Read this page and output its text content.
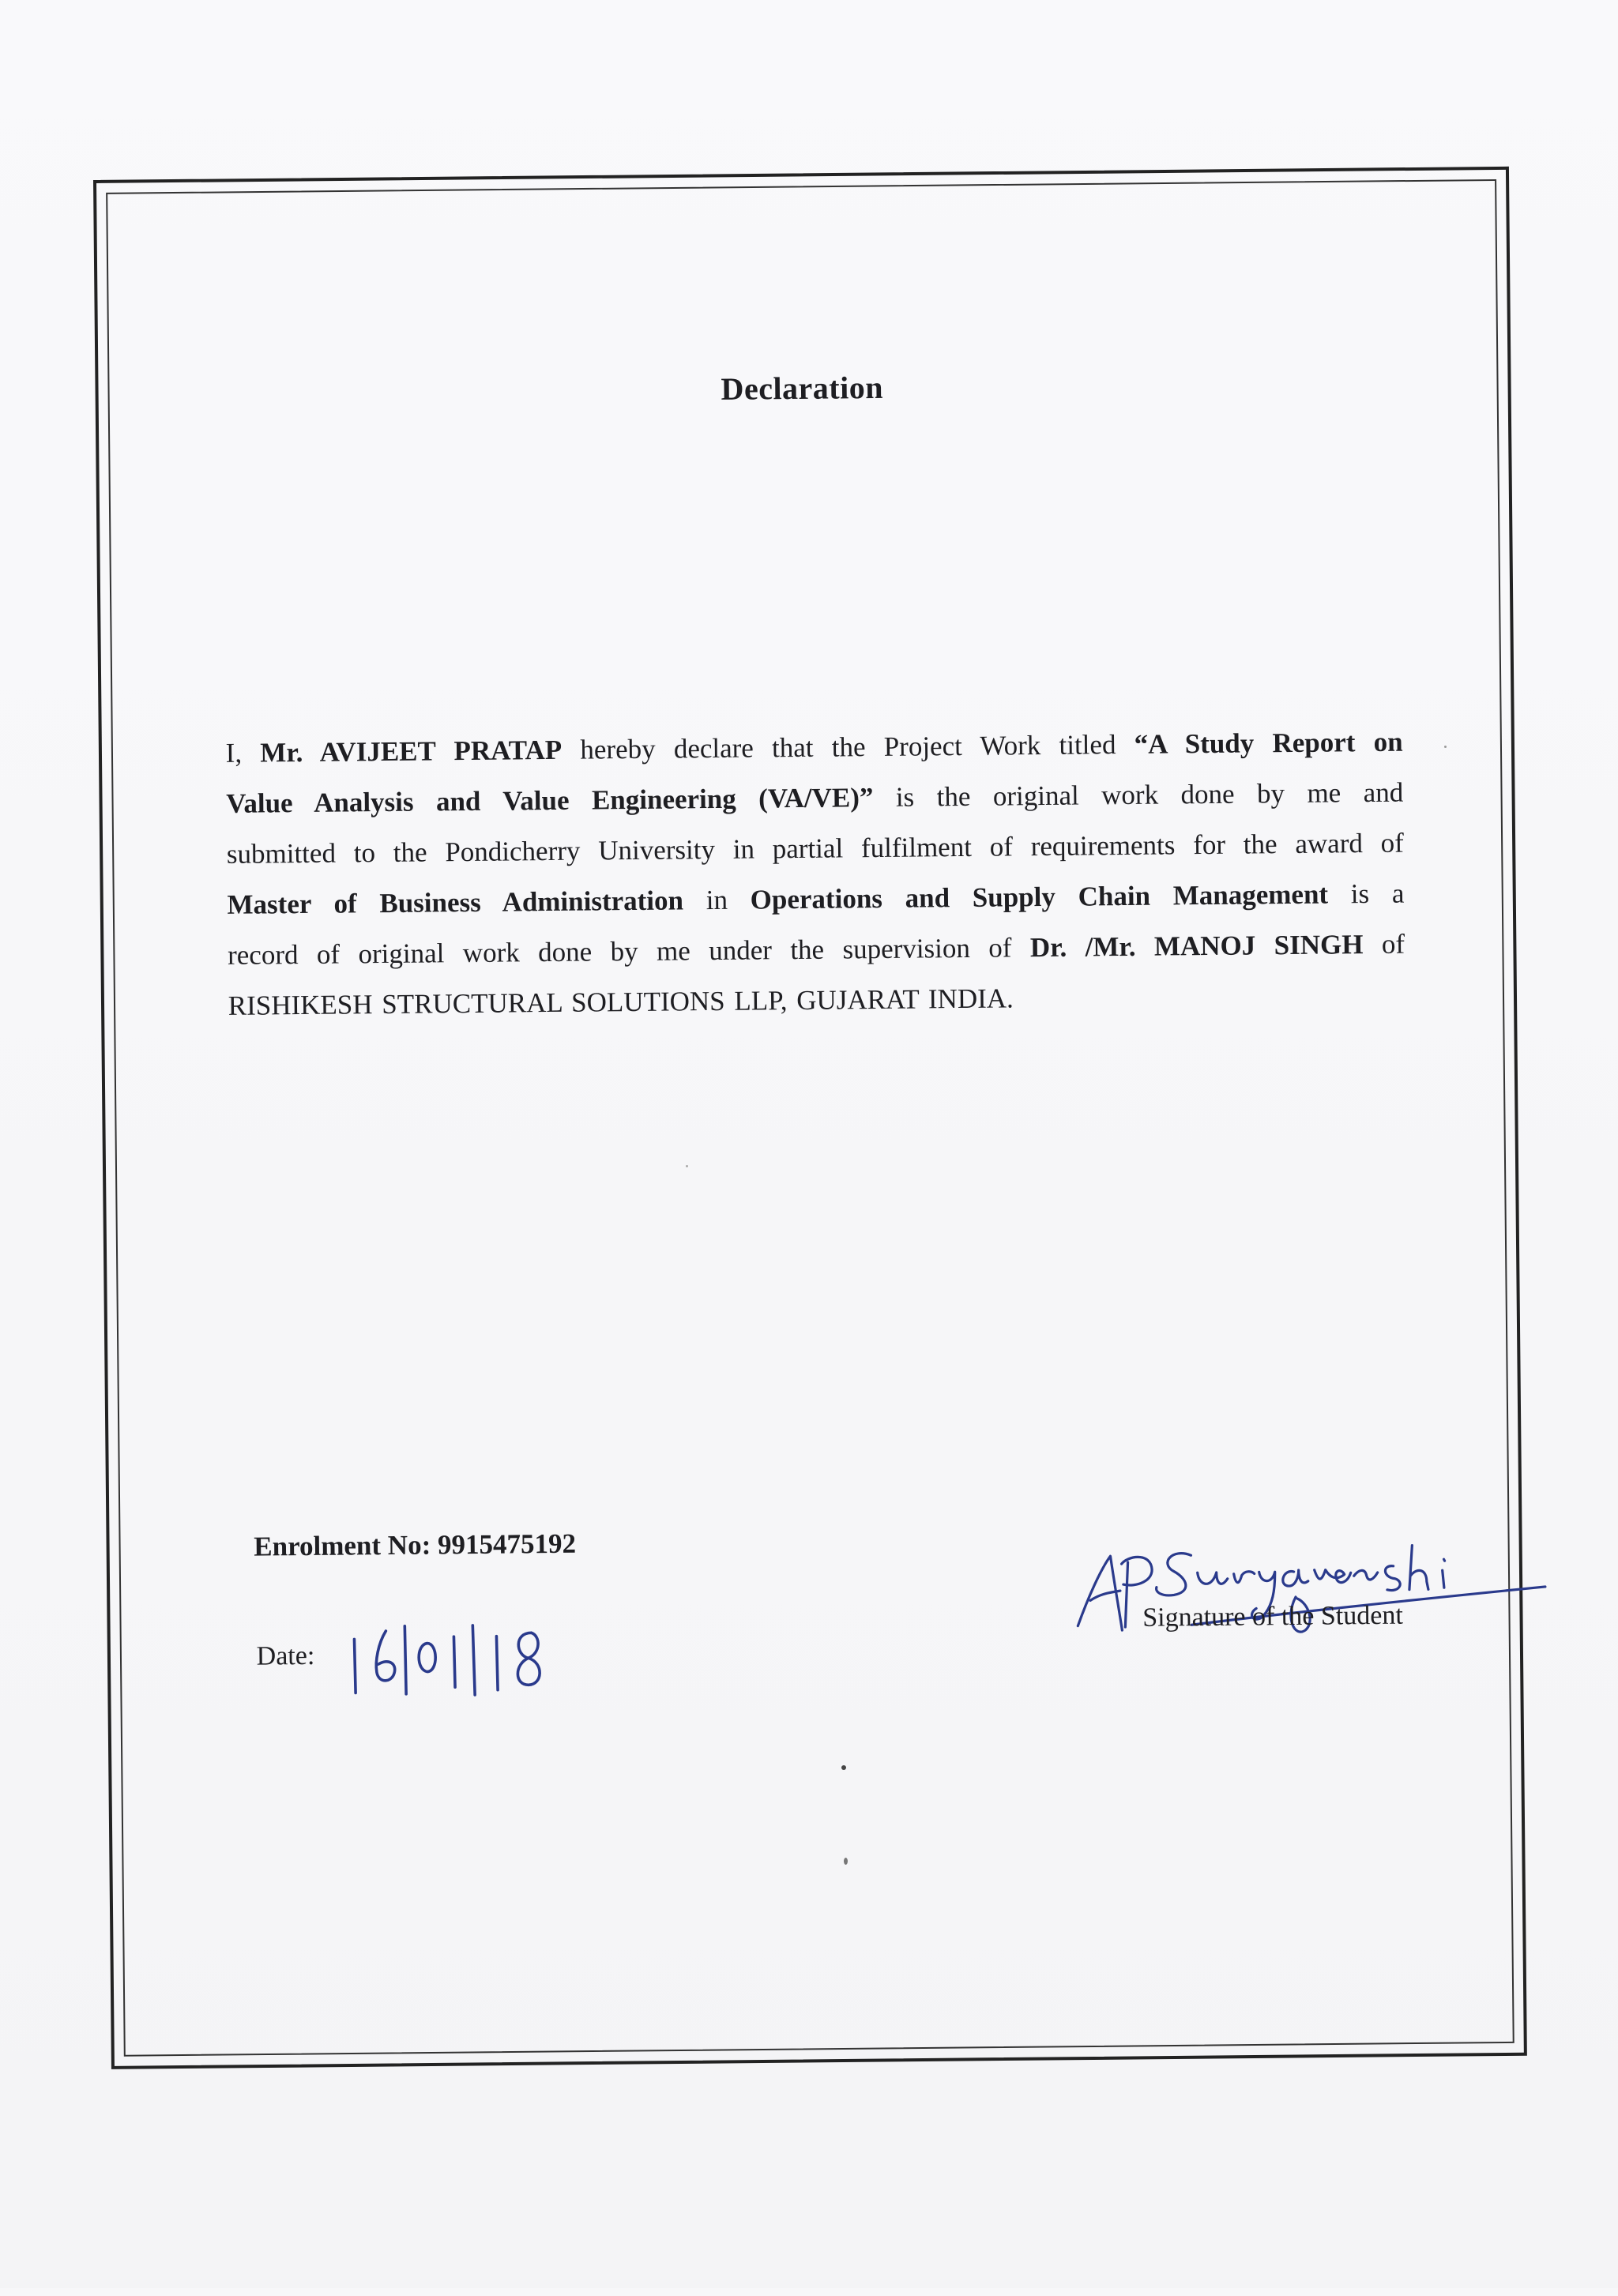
Declaration
I, Mr. AVIJEET PRATAP hereby declare that the Project Work titled “A Study Report on
Value Analysis and Value Engineering (VA/VE)” is the original work done by me and
submitted to the Pondicherry University in partial fulfilment of requirements for the award of
Master of Business Administration in Operations and Supply Chain Management is a
record of original work done by me under the supervision of Dr. /Mr. MANOJ SINGH of
RISHIKESH STRUCTURAL SOLUTIONS LLP, GUJARAT INDIA.
Enrolment No: 9915475192
Date:
Signature of the Student
